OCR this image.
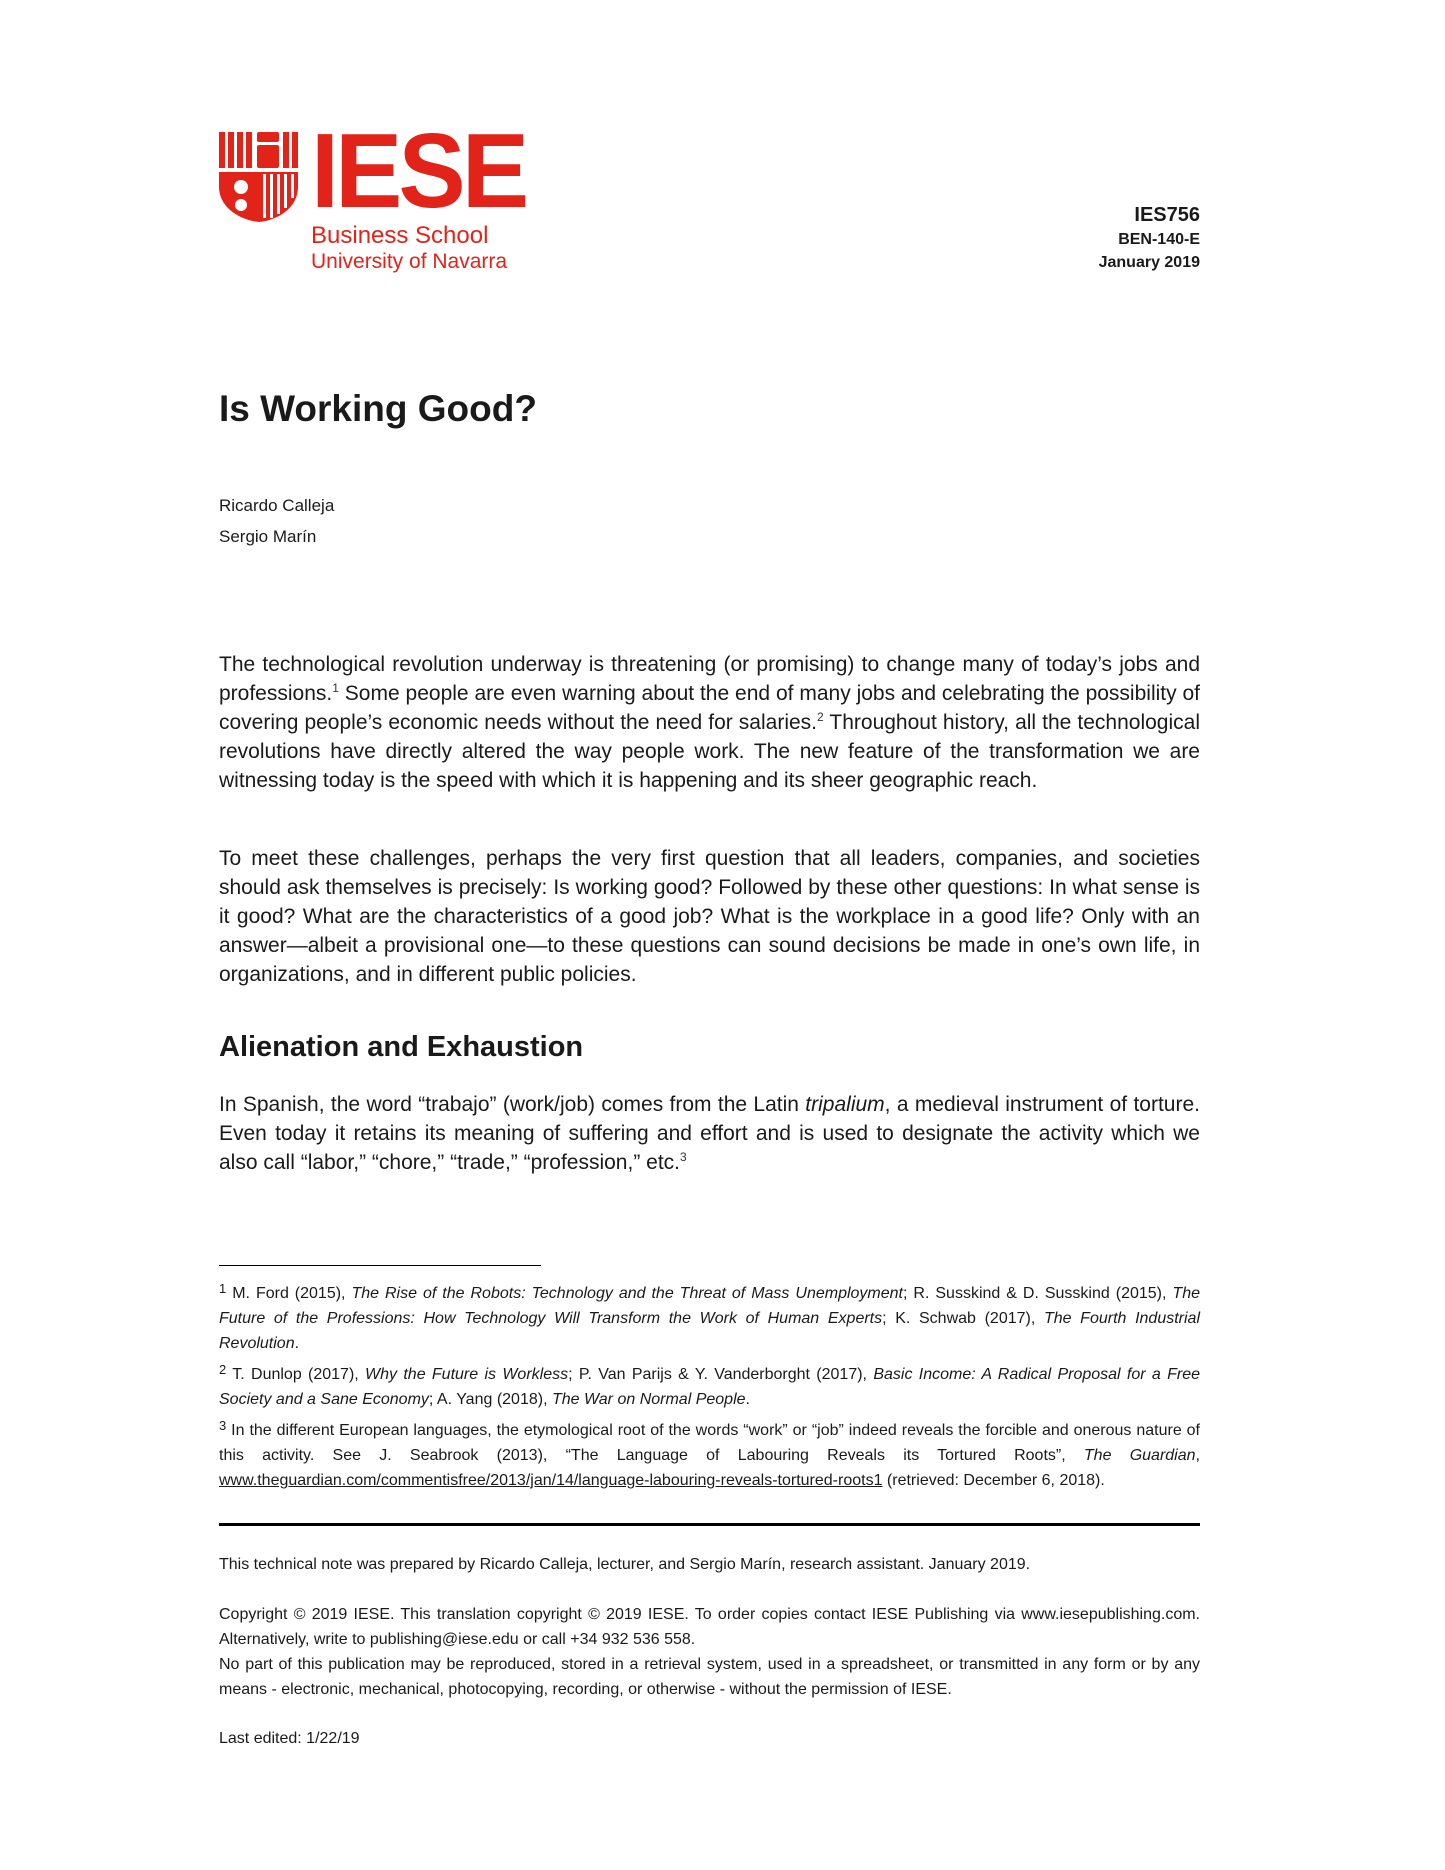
IESE
Business School
University of Navarra
IES756
BEN-140-E
January 2019
Is Working Good?
Ricardo Calleja
Sergio Marín

The technological revolution underway is threatening (or promising) to change many of today’s jobs and professions.$^1$ Some people are even warning about the end of many jobs and celebrating the possibility of covering people’s economic needs without the need for salaries.$^2$ Throughout history, all the technological revolutions have directly altered the way people work. The new feature of the transformation we are witnessing today is the speed with which it is happening and its sheer geographic reach.

To meet these challenges, perhaps the very first question that all leaders, companies, and societies should ask themselves is precisely: Is working good? Followed by these other questions: In what sense is it good? What are the characteristics of a good job? What is the workplace in a good life? Only with an answer—albeit a provisional one—to these questions can sound decisions be made in one’s own life, in organizations, and in different public policies.

Alienation and Exhaustion

In Spanish, the word “trabajo” (work/job) comes from the Latin tripalium, a medieval instrument of torture. Even today it retains its meaning of suffering and effort and is used to designate the activity which we also call “labor,” “chore,” “trade,” “profession,” etc.$^3$

$^1$ M. Ford (2015), The Rise of the Robots: Technology and the Threat of Mass Unemployment; R. Susskind & D. Susskind (2015), The Future of the Professions: How Technology Will Transform the Work of Human Experts; K. Schwab (2017), The Fourth Industrial Revolution.

$^2$ T. Dunlop (2017), Why the Future is Workless; P. Van Parijs & Y. Vanderborght (2017), Basic Income: A Radical Proposal for a Free Society and a Sane Economy; A. Yang (2018), The War on Normal People.

$^3$ In the different European languages, the etymological root of the words “work” or “job” indeed reveals the forcible and onerous nature of this activity. See J. Seabrook (2013), “The Language of Labouring Reveals its Tortured Roots”, The Guardian, www.theguardian.com/commentisfree/2013/jan/14/language-labouring-reveals-tortured-roots1 (retrieved: December 6, 2018).

This technical note was prepared by Ricardo Calleja, lecturer, and Sergio Marín, research assistant. January 2019.

Copyright © 2019 IESE. This translation copyright © 2019 IESE. To order copies contact IESE Publishing via www.iesepublishing.com. Alternatively, write to publishing@iese.edu or call +34 932 536 558.
No part of this publication may be reproduced, stored in a retrieval system, used in a spreadsheet, or transmitted in any form or by any means - electronic, mechanical, photocopying, recording, or otherwise - without the permission of IESE.

Last edited: 1/22/19
